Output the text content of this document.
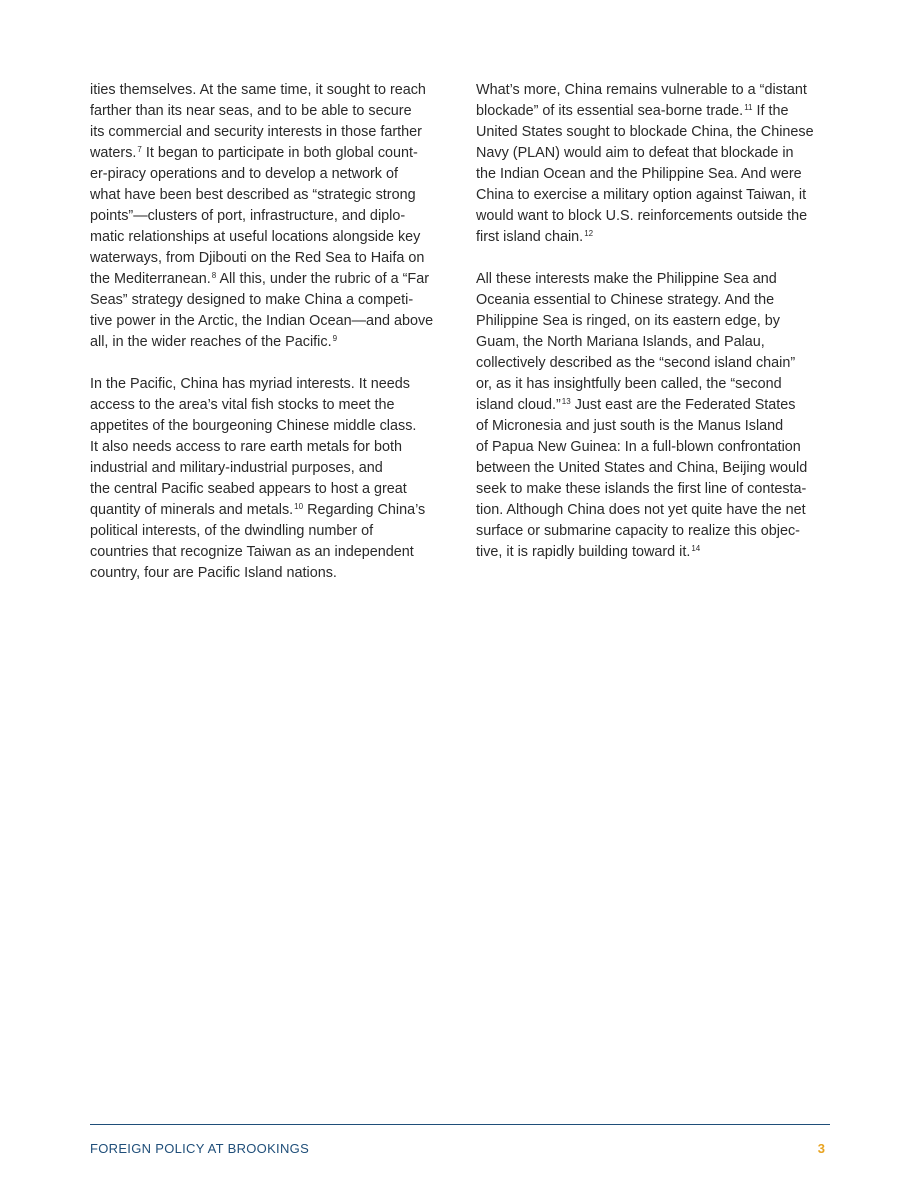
ities themselves. At the same time, it sought to reach
farther than its near seas, and to be able to secure
its commercial and security interests in those farther
waters.$^7$ It began to participate in both global count-
er-piracy operations and to develop a network of
what have been best described as “strategic strong
points”—clusters of port, infrastructure, and diplo-
matic relationships at useful locations alongside key
waterways, from Djibouti on the Red Sea to Haifa on
the Mediterranean.$^8$ All this, under the rubric of a “Far
Seas” strategy designed to make China a competi-
tive power in the Arctic, the Indian Ocean—and above
all, in the wider reaches of the Pacific.$^9$
In the Pacific, China has myriad interests. It needs
access to the area’s vital fish stocks to meet the
appetites of the bourgeoning Chinese middle class.
It also needs access to rare earth metals for both
industrial and military-industrial purposes, and
the central Pacific seabed appears to host a great
quantity of minerals and metals.$^{10}$ Regarding China’s
political interests, of the dwindling number of
countries that recognize Taiwan as an independent
country, four are Pacific Island nations.
What’s more, China remains vulnerable to a “distant
blockade” of its essential sea-borne trade.$^{11}$ If the
United States sought to blockade China, the Chinese
Navy (PLAN) would aim to defeat that blockade in
the Indian Ocean and the Philippine Sea. And were
China to exercise a military option against Taiwan, it
would want to block U.S. reinforcements outside the
first island chain.$^{12}$
All these interests make the Philippine Sea and
Oceania essential to Chinese strategy. And the
Philippine Sea is ringed, on its eastern edge, by
Guam, the North Mariana Islands, and Palau,
collectively described as the “second island chain”
or, as it has insightfully been called, the “second
island cloud.”$^{13}$ Just east are the Federated States
of Micronesia and just south is the Manus Island
of Papua New Guinea: In a full-blown confrontation
between the United States and China, Beijing would
seek to make these islands the first line of contesta-
tion. Although China does not yet quite have the net
surface or submarine capacity to realize this objec-
tive, it is rapidly building toward it.$^{14}$
FOREIGN POLICY AT BROOKINGS	3
